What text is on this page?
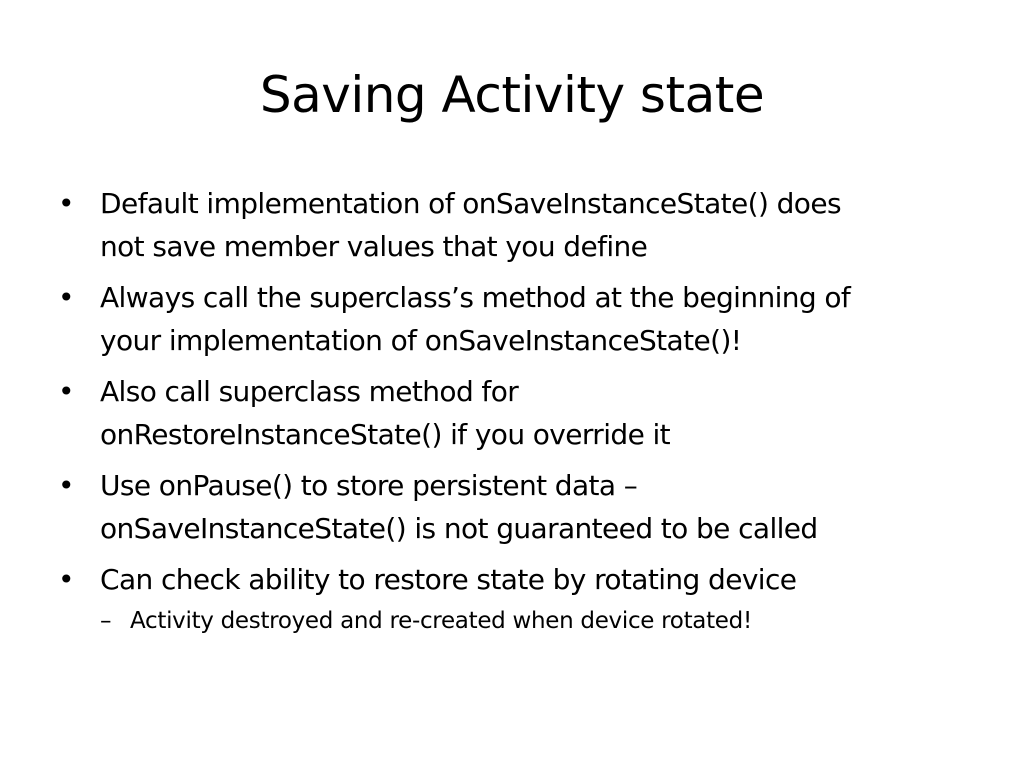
Saving Activity state
• Default implementation of onSaveInstanceState() does
not save member values that you define
• Always call the superclass’s method at the beginning of
your implementation of onSaveInstanceState()!
• Also call superclass method for
onRestoreInstanceState() if you override it
• Use onPause() to store persistent data –
onSaveInstanceState() is not guaranteed to be called
• Can check ability to restore state by rotating device
– Activity destroyed and re-created when device rotated!
